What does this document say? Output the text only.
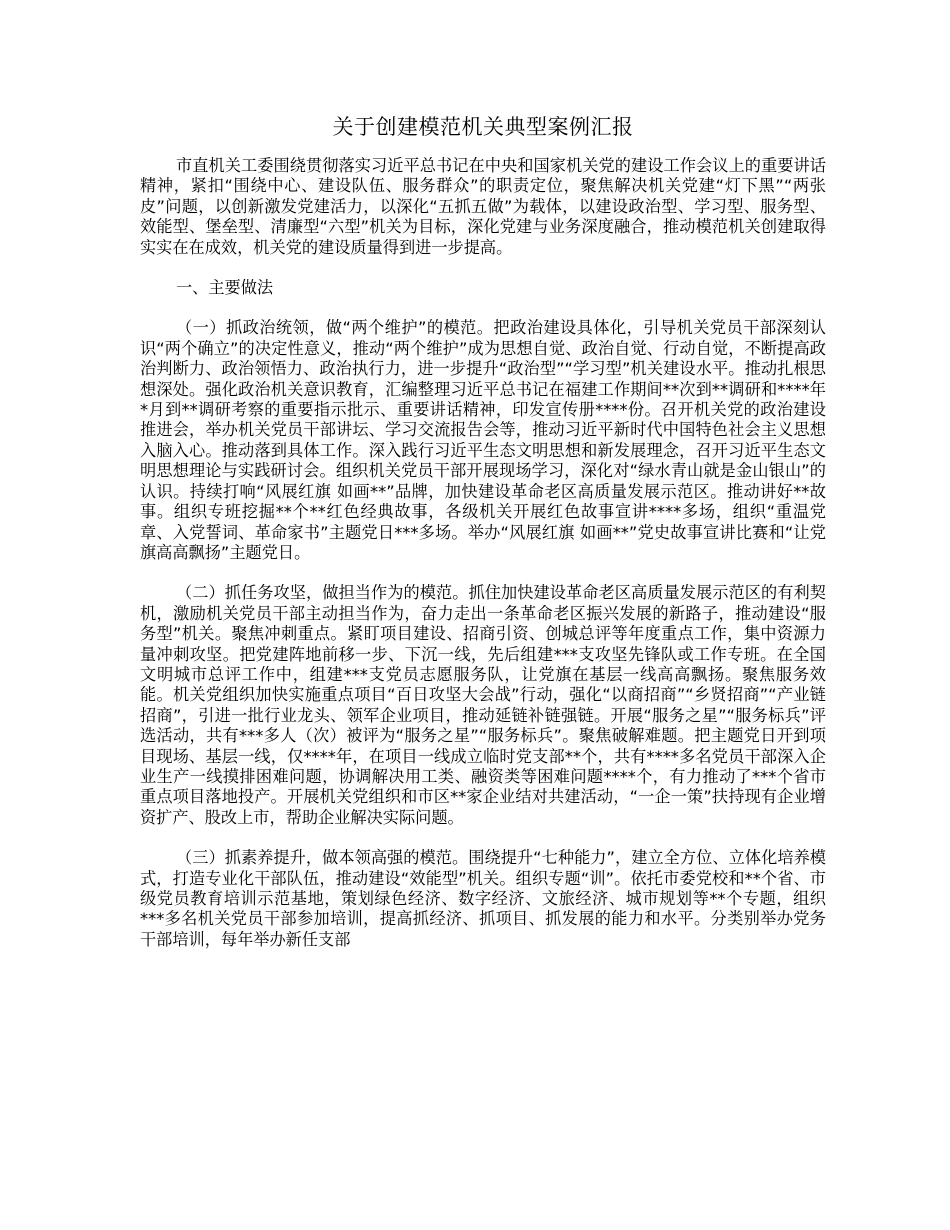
关于创建模范机关典型案例汇报

市直机关工委围绕贯彻落实习近平总书记在中央和国家机关党的建设工作会议上的重要讲话精神，紧扣“围绕中心、建设队伍、服务群众”的职责定位，聚焦解决机关党建“灯下黑”“两张皮”问题，以创新激发党建活力，以深化“五抓五做”为载体，以建设政治型、学习型、服务型、效能型、堡垒型、清廉型“六型”机关为目标，深化党建与业务深度融合，推动模范机关创建取得实实在在成效，机关党的建设质量得到进一步提高。

一、主要做法

（一）抓政治统领，做“两个维护”的模范。把政治建设具体化，引导机关党员干部深刻认识“两个确立”的决定性意义，推动“两个维护”成为思想自觉、政治自觉、行动自觉，不断提高政治判断力、政治领悟力、政治执行力，进一步提升“政治型”“学习型”机关建设水平。推动扎根思想深处。强化政治机关意识教育，汇编整理习近平总书记在福建工作期间**次到**调研和****年*月到**调研考察的重要指示批示、重要讲话精神，印发宣传册****份。召开机关党的政治建设推进会，举办机关党员干部讲坛、学习交流报告会等，推动习近平新时代中国特色社会主义思想入脑入心。推动落到具体工作。深入践行习近平生态文明思想和新发展理念，召开习近平生态文明思想理论与实践研讨会。组织机关党员干部开展现场学习，深化对“绿水青山就是金山银山”的认识。持续打响“风展红旗 如画**”品牌，加快建设革命老区高质量发展示范区。推动讲好**故事。组织专班挖掘**个**红色经典故事，各级机关开展红色故事宣讲****多场，组织“重温党章、入党誓词、革命家书”主题党日***多场。举办“风展红旗 如画**”党史故事宣讲比赛和“让党旗高高飘扬”主题党日。

（二）抓任务攻坚，做担当作为的模范。抓住加快建设革命老区高质量发展示范区的有利契机，激励机关党员干部主动担当作为，奋力走出一条革命老区振兴发展的新路子，推动建设“服务型”机关。聚焦冲刺重点。紧盯项目建设、招商引资、创城总评等年度重点工作，集中资源力量冲刺攻坚。把党建阵地前移一步、下沉一线，先后组建***支攻坚先锋队或工作专班。在全国文明城市总评工作中，组建***支党员志愿服务队，让党旗在基层一线高高飘扬。聚焦服务效能。机关党组织加快实施重点项目“百日攻坚大会战”行动，强化“以商招商”“乡贤招商”“产业链招商”，引进一批行业龙头、领军企业项目，推动延链补链强链。开展“服务之星”“服务标兵”评选活动，共有***多人（次）被评为“服务之星”“服务标兵”。聚焦破解难题。把主题党日开到项目现场、基层一线，仅****年，在项目一线成立临时党支部**个，共有****多名党员干部深入企业生产一线摸排困难问题，协调解决用工类、融资类等困难问题****个，有力推动了***个省市重点项目落地投产。开展机关党组织和市区**家企业结对共建活动，“一企一策”扶持现有企业增资扩产、股改上市，帮助企业解决实际问题。

（三）抓素养提升，做本领高强的模范。围绕提升“七种能力”，建立全方位、立体化培养模式，打造专业化干部队伍，推动建设“效能型”机关。组织专题“训”。依托市委党校和**个省、市级党员教育培训示范基地，策划绿色经济、数字经济、文旅经济、城市规划等**个专题，组织***多名机关党员干部参加培训，提高抓经济、抓项目、抓发展的能力和水平。分类别举办党务干部培训，每年举办新任支部
